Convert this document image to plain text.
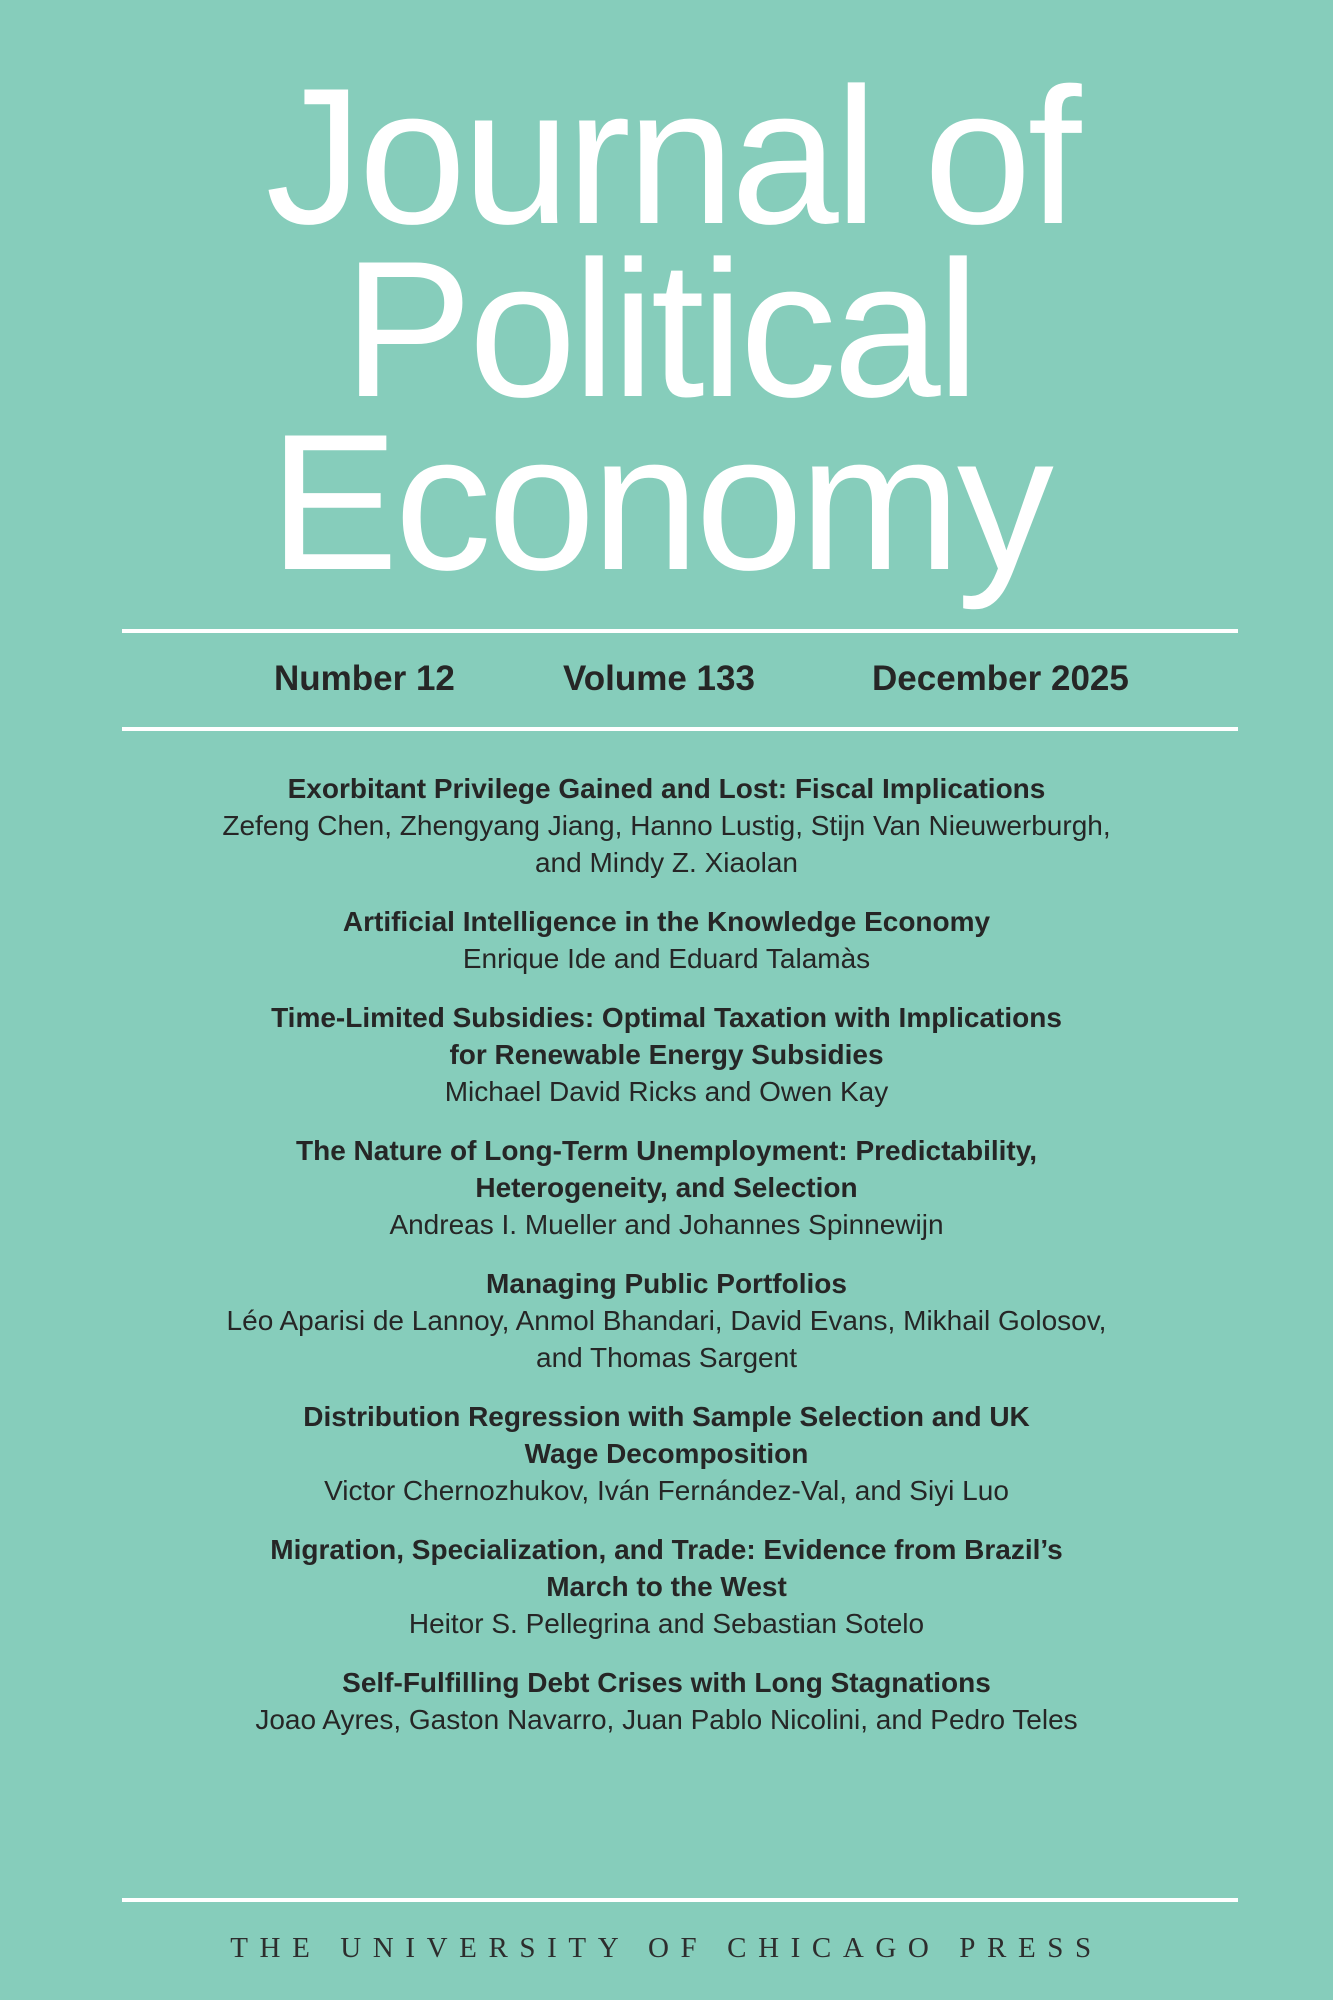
Journal of
Political
Economy
Number 12	Volume 133	December 2025
Exorbitant Privilege Gained and Lost: Fiscal Implications
Zefeng Chen, Zhengyang Jiang, Hanno Lustig, Stijn Van Nieuwerburgh,
and Mindy Z. Xiaolan
Artificial Intelligence in the Knowledge Economy
Enrique Ide and Eduard Talamàs
Time-Limited Subsidies: Optimal Taxation with Implications
for Renewable Energy Subsidies
Michael David Ricks and Owen Kay
The Nature of Long-Term Unemployment: Predictability,
Heterogeneity, and Selection
Andreas I. Mueller and Johannes Spinnewijn
Managing Public Portfolios
Léo Aparisi de Lannoy, Anmol Bhandari, David Evans, Mikhail Golosov,
and Thomas Sargent
Distribution Regression with Sample Selection and UK
Wage Decomposition
Victor Chernozhukov, Iván Fernández-Val, and Siyi Luo
Migration, Specialization, and Trade: Evidence from Brazil’s
March to the West
Heitor S. Pellegrina and Sebastian Sotelo
Self-Fulfilling Debt Crises with Long Stagnations
Joao Ayres, Gaston Navarro, Juan Pablo Nicolini, and Pedro Teles
THE UNIVERSITY OF CHICAGO PRESS
